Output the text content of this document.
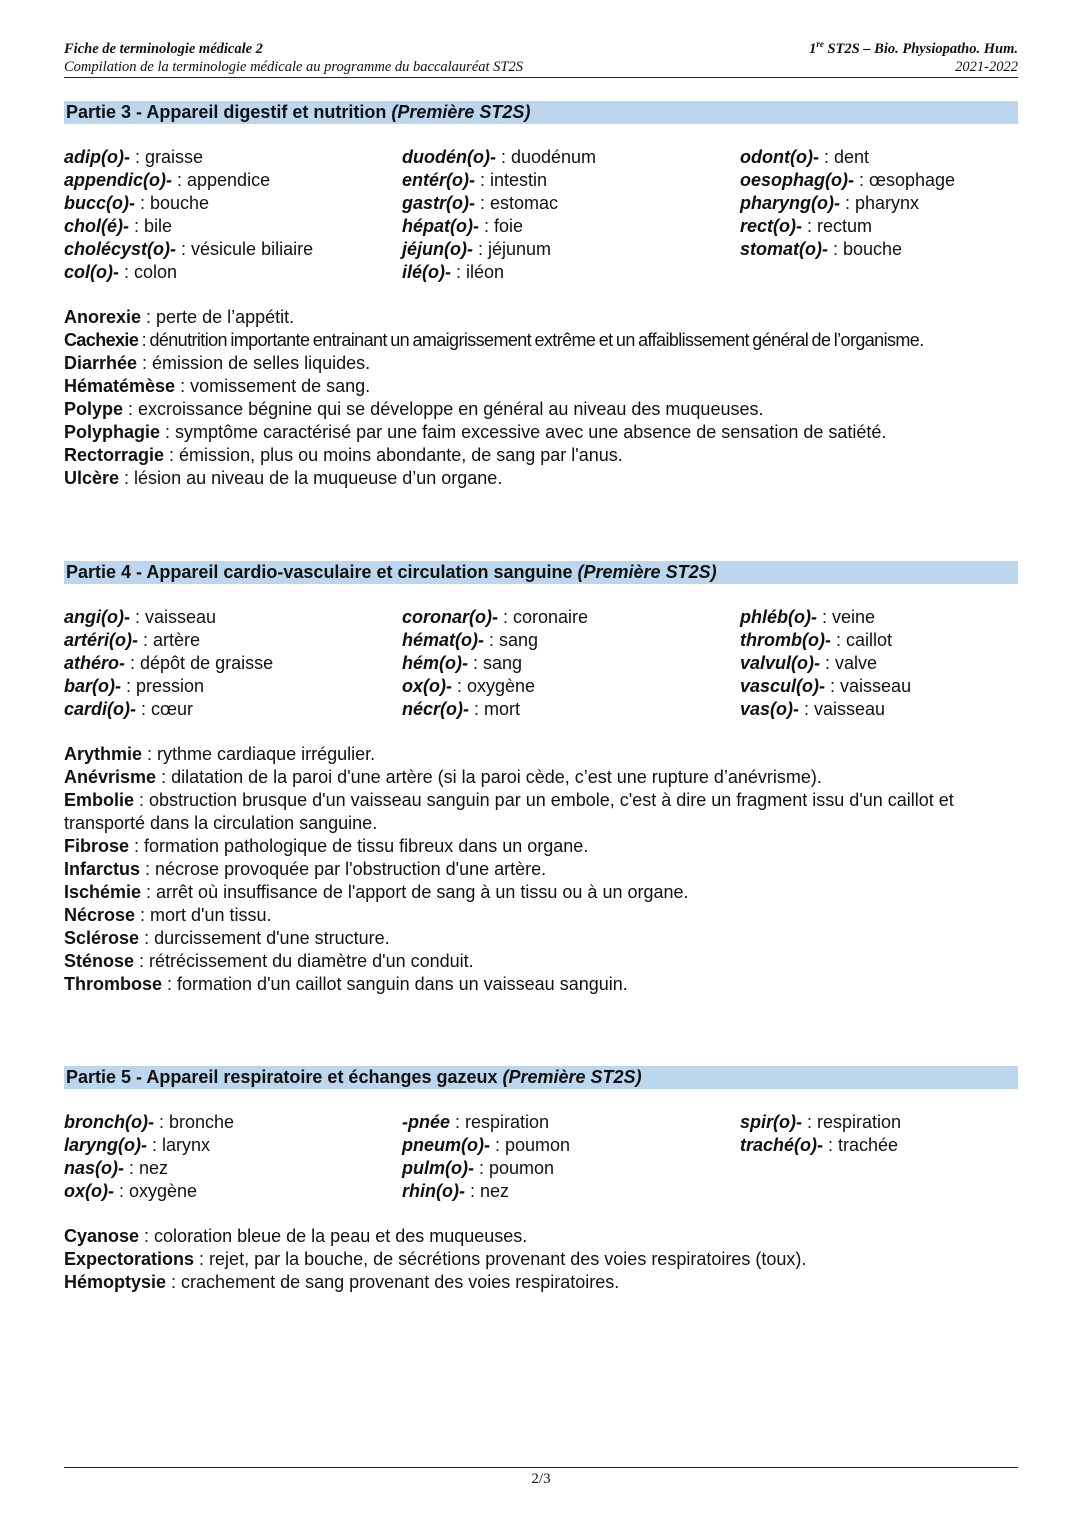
Fiche de terminologie médicale 2	1re ST2S – Bio. Physiopatho. Hum.
Compilation de la terminologie médicale au programme du baccalauréat ST2S	2021-2022
Partie 3 - Appareil digestif et nutrition (Première ST2S)
adip(o)- : graisse
appendic(o)- : appendice
bucc(o)- : bouche
chol(é)- : bile
cholécyst(o)- : vésicule biliaire
col(o)- : colon
duodén(o)- : duodénum
entér(o)- : intestin
gastr(o)- : estomac
hépat(o)- : foie
jéjun(o)- : jéjunum
ilé(o)- : iléon
odont(o)- : dent
oesophag(o)- : œsophage
pharyng(o)- : pharynx
rect(o)- : rectum
stomat(o)- : bouche
Anorexie : perte de l’appétit.
Cachexie : dénutrition importante entrainant un amaigrissement extrême et un affaiblissement général de l’organisme.
Diarrhée : émission de selles liquides.
Hématémèse : vomissement de sang.
Polype : excroissance bégnine qui se développe en général au niveau des muqueuses.
Polyphagie : symptôme caractérisé par une faim excessive avec une absence de sensation de satiété.
Rectorragie : émission, plus ou moins abondante, de sang par l'anus.
Ulcère : lésion au niveau de la muqueuse d’un organe.
Partie 4 - Appareil cardio-vasculaire et circulation sanguine (Première ST2S)
angi(o)- : vaisseau
artéri(o)- : artère
athéro- : dépôt de graisse
bar(o)- : pression
cardi(o)- : cœur
coronar(o)- : coronaire
hémat(o)- : sang
hém(o)- : sang
ox(o)- : oxygène
nécr(o)- : mort
phléb(o)- : veine
thromb(o)- : caillot
valvul(o)- : valve
vascul(o)- : vaisseau
vas(o)- : vaisseau
Arythmie : rythme cardiaque irrégulier.
Anévrisme : dilatation de la paroi d'une artère (si la paroi cède, c’est une rupture d’anévrisme).
Embolie : obstruction brusque d'un vaisseau sanguin par un embole, c'est à dire un fragment issu d'un caillot et transporté dans la circulation sanguine.
Fibrose : formation pathologique de tissu fibreux dans un organe.
Infarctus : nécrose provoquée par l'obstruction d'une artère.
Ischémie : arrêt où insuffisance de l'apport de sang à un tissu ou à un organe.
Nécrose : mort d'un tissu.
Sclérose : durcissement d'une structure.
Sténose : rétrécissement du diamètre d'un conduit.
Thrombose : formation d'un caillot sanguin dans un vaisseau sanguin.
Partie 5 - Appareil respiratoire et échanges gazeux (Première ST2S)
bronch(o)- : bronche
laryng(o)- : larynx
nas(o)- : nez
ox(o)- : oxygène
-pnée : respiration
pneum(o)- : poumon
pulm(o)- : poumon
rhin(o)- : nez
spir(o)- : respiration
traché(o)- : trachée
Cyanose : coloration bleue de la peau et des muqueuses.
Expectorations : rejet, par la bouche, de sécrétions provenant des voies respiratoires (toux).
Hémoptysie : crachement de sang provenant des voies respiratoires.
2/3
